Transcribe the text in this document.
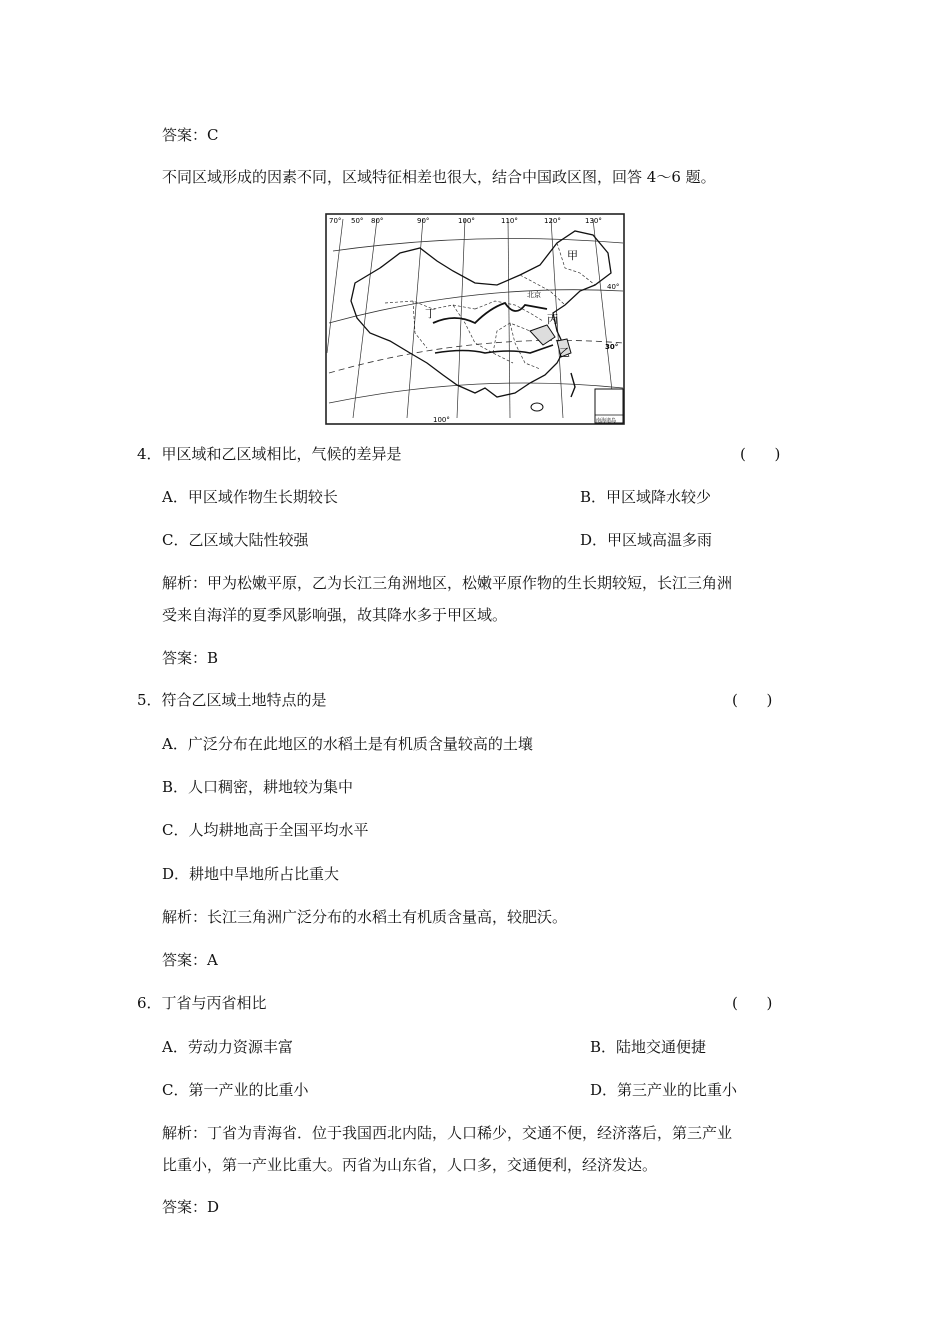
答案：C
不同区域形成的因素不同，区域特征相差也很大，结合中国政区图，回答 4～6 题。
70° 50° 80°	90°	100°	110°	120°	130°
40°
30°
100°
甲
乙
丙
丁
北京
南海诸岛
4．甲区域和乙区域相比，气候的差异是	(      )
A．甲区域作物生长期较长	B．甲区域降水较少
C．乙区域大陆性较强	D．甲区域高温多雨
解析：甲为松嫩平原，乙为长江三角洲地区，松嫩平原作物的生长期较短，长江三角洲
受来自海洋的夏季风影响强，故其降水多于甲区域。
答案：B
5．符合乙区域土地特点的是	(      )
A．广泛分布在此地区的水稻土是有机质含量较高的土壤
B．人口稠密，耕地较为集中
C．人均耕地高于全国平均水平
D．耕地中旱地所占比重大
解析：长江三角洲广泛分布的水稻土有机质含量高，较肥沃。
答案：A
6．丁省与丙省相比	(      )
A．劳动力资源丰富	B．陆地交通便捷
C．第一产业的比重小	D．第三产业的比重小
解析：丁省为青海省．位于我国西北内陆，人口稀少，交通不便，经济落后，第三产业
比重小，第一产业比重大。丙省为山东省，人口多，交通便利，经济发达。
答案：D
